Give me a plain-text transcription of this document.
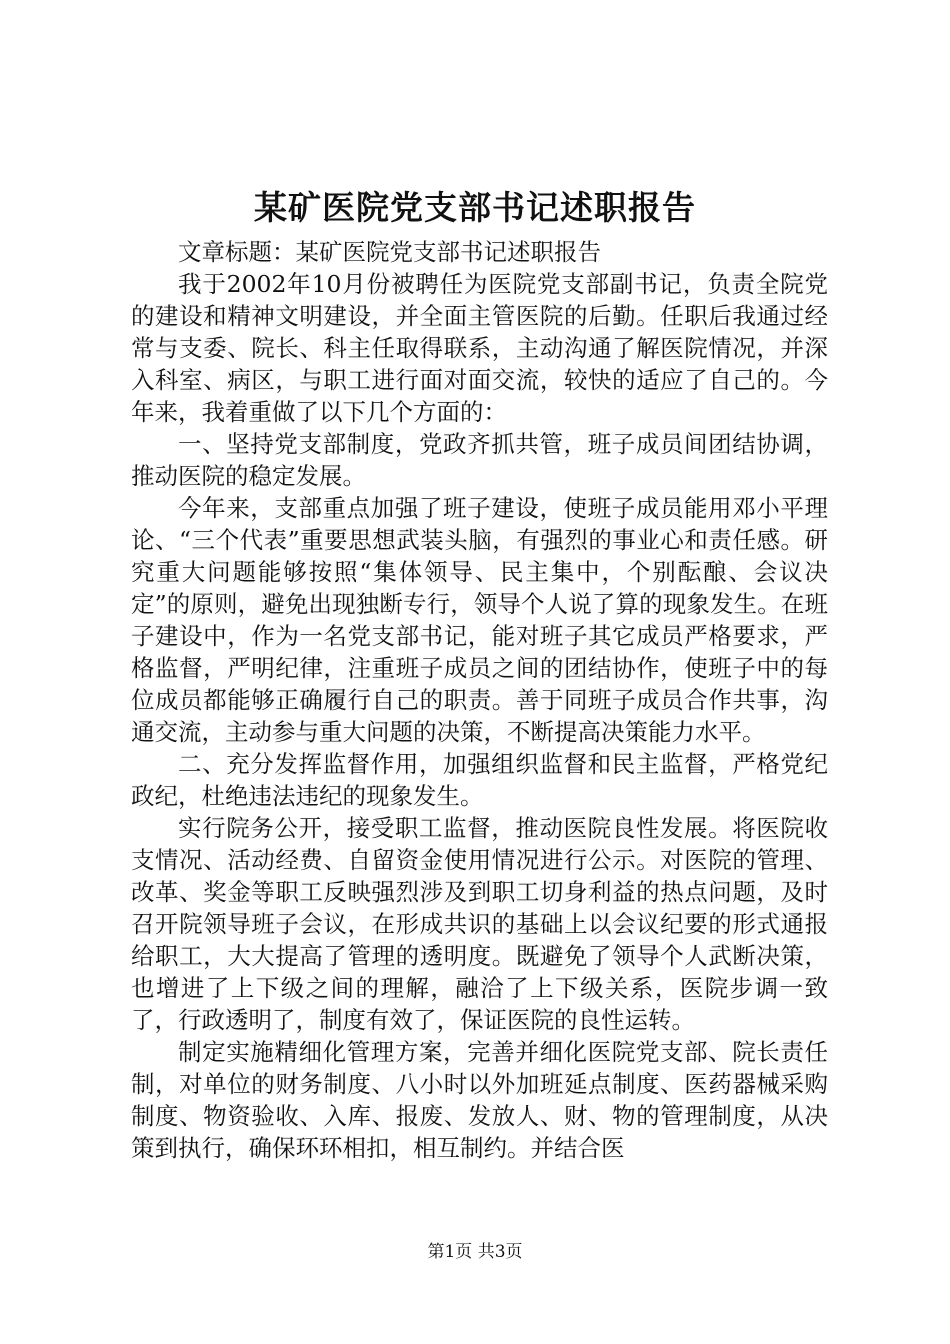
某矿医院党支部书记述职报告

文章标题：某矿医院党支部书记述职报告

我于2002年10月份被聘任为医院党支部副书记，负责全院党的建设和精神文明建设，并全面主管医院的后勤。任职后我通过经常与支委、院长、科主任取得联系，主动沟通了解医院情况，并深入科室、病区，与职工进行面对面交流，较快的适应了自己的。今年来，我着重做了以下几个方面的：

一、坚持党支部制度，党政齐抓共管，班子成员间团结协调，推动医院的稳定发展。

今年来，支部重点加强了班子建设，使班子成员能用邓小平理论、“三个代表”重要思想武装头脑，有强烈的事业心和责任感。研究重大问题能够按照“集体领导、民主集中，个别酝酿、会议决定”的原则，避免出现独断专行，领导个人说了算的现象发生。在班子建设中，作为一名党支部书记，能对班子其它成员严格要求，严格监督，严明纪律，注重班子成员之间的团结协作，使班子中的每位成员都能够正确履行自己的职责。善于同班子成员合作共事，沟通交流，主动参与重大问题的决策，不断提高决策能力水平。

二、充分发挥监督作用，加强组织监督和民主监督，严格党纪政纪，杜绝违法违纪的现象发生。

实行院务公开，接受职工监督，推动医院良性发展。将医院收支情况、活动经费、自留资金使用情况进行公示。对医院的管理、改革、奖金等职工反映强烈涉及到职工切身利益的热点问题，及时召开院领导班子会议，在形成共识的基础上以会议纪要的形式通报给职工，大大提高了管理的透明度。既避免了领导个人武断决策，也增进了上下级之间的理解，融洽了上下级关系，医院步调一致了，行政透明了，制度有效了，保证医院的良性运转。

制定实施精细化管理方案，完善并细化医院党支部、院长责任制，对单位的财务制度、八小时以外加班延点制度、医药器械采购制度、物资验收、入库、报废、发放人、财、物的管理制度，从决策到执行，确保环环相扣，相互制约。并结合医

第1页 共3页
